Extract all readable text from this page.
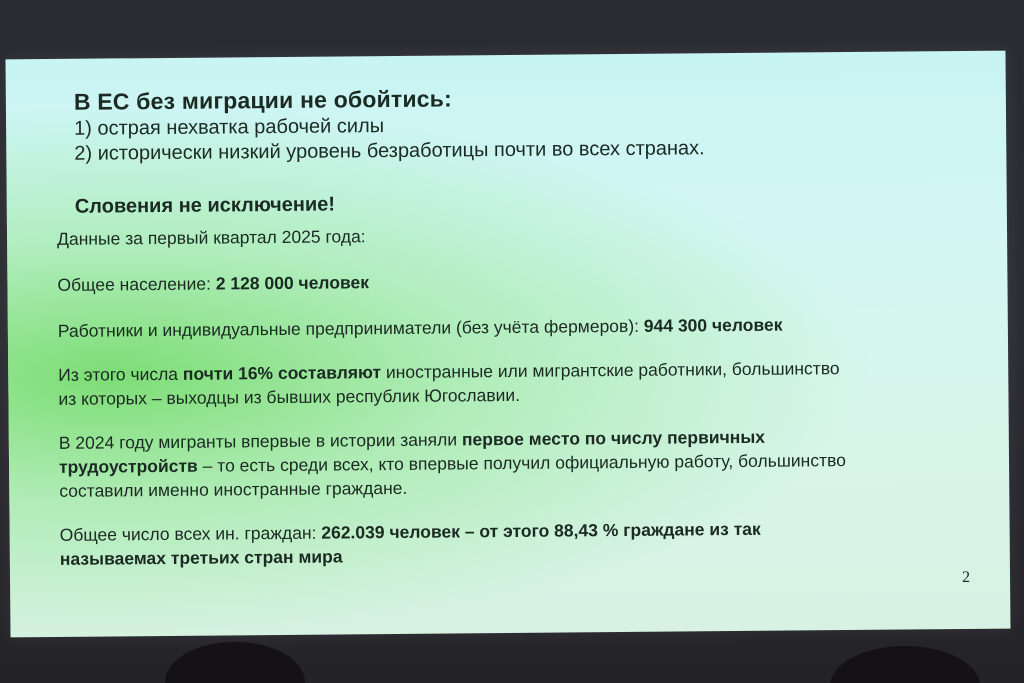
В ЕС без миграции не обойтись:
1) острая нехватка рабочей силы
2) исторически низкий уровень безработицы почти во всех странах.
Словения не исключение!

Данные за первый квартал 2025 года:

Общее население: 2 128 000 человек

Работники и индивидуальные предприниматели (без учёта фермеров): 944 300 человек

Из этого числа почти 16% составляют иностранные или мигрантские работники, большинство из которых – выходцы из бывших республик Югославии.

В 2024 году мигранты впервые в истории заняли первое место по числу первичных трудоустройств – то есть среди всех, кто впервые получил официальную работу, большинство составили именно иностранные граждане.

Общее число всех ин. граждан: 262.039 человек – от этого 88,43 % граждане из так называемах третьих стран мира

2
